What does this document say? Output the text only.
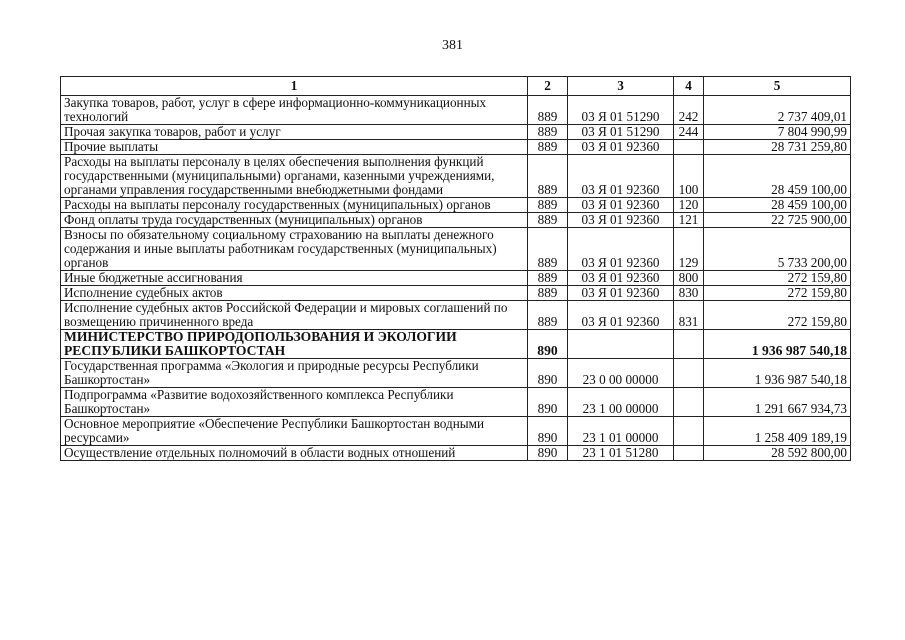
381
1	2	3	4	5
Закупка товаров, работ, услуг в сфере информационно-коммуникационных технологий	889	03 Я 01 51290	242	2 737 409,01
Прочая закупка товаров, работ и услуг	889	03 Я 01 51290	244	7 804 990,99
Прочие выплаты	889	03 Я 01 92360		28 731 259,80
Расходы на выплаты персоналу в целях обеспечения выполнения функций государственными (муниципальными) органами, казенными учреждениями, органами управления государственными внебюджетными фондами	889	03 Я 01 92360	100	28 459 100,00
Расходы на выплаты персоналу государственных (муниципальных) органов	889	03 Я 01 92360	120	28 459 100,00
Фонд оплаты труда государственных (муниципальных) органов	889	03 Я 01 92360	121	22 725 900,00
Взносы по обязательному социальному страхованию на выплаты денежного содержания и иные выплаты работникам государственных (муниципальных) органов	889	03 Я 01 92360	129	5 733 200,00
Иные бюджетные ассигнования	889	03 Я 01 92360	800	272 159,80
Исполнение судебных актов	889	03 Я 01 92360	830	272 159,80
Исполнение судебных актов Российской Федерации и мировых соглашений по возмещению причиненного вреда	889	03 Я 01 92360	831	272 159,80
МИНИСТЕРСТВО ПРИРОДОПОЛЬЗОВАНИЯ И ЭКОЛОГИИ РЕСПУБЛИКИ БАШКОРТОСТАН	890			1 936 987 540,18
Государственная программа «Экология и природные ресурсы Республики Башкортостан»	890	23 0 00 00000		1 936 987 540,18
Подпрограмма «Развитие водохозяйственного комплекса Республики Башкортостан»	890	23 1 00 00000		1 291 667 934,73
Основное мероприятие «Обеспечение Республики Башкортостан водными ресурсами»	890	23 1 01 00000		1 258 409 189,19
Осуществление отдельных полномочий в области водных отношений	890	23 1 01 51280		28 592 800,00
